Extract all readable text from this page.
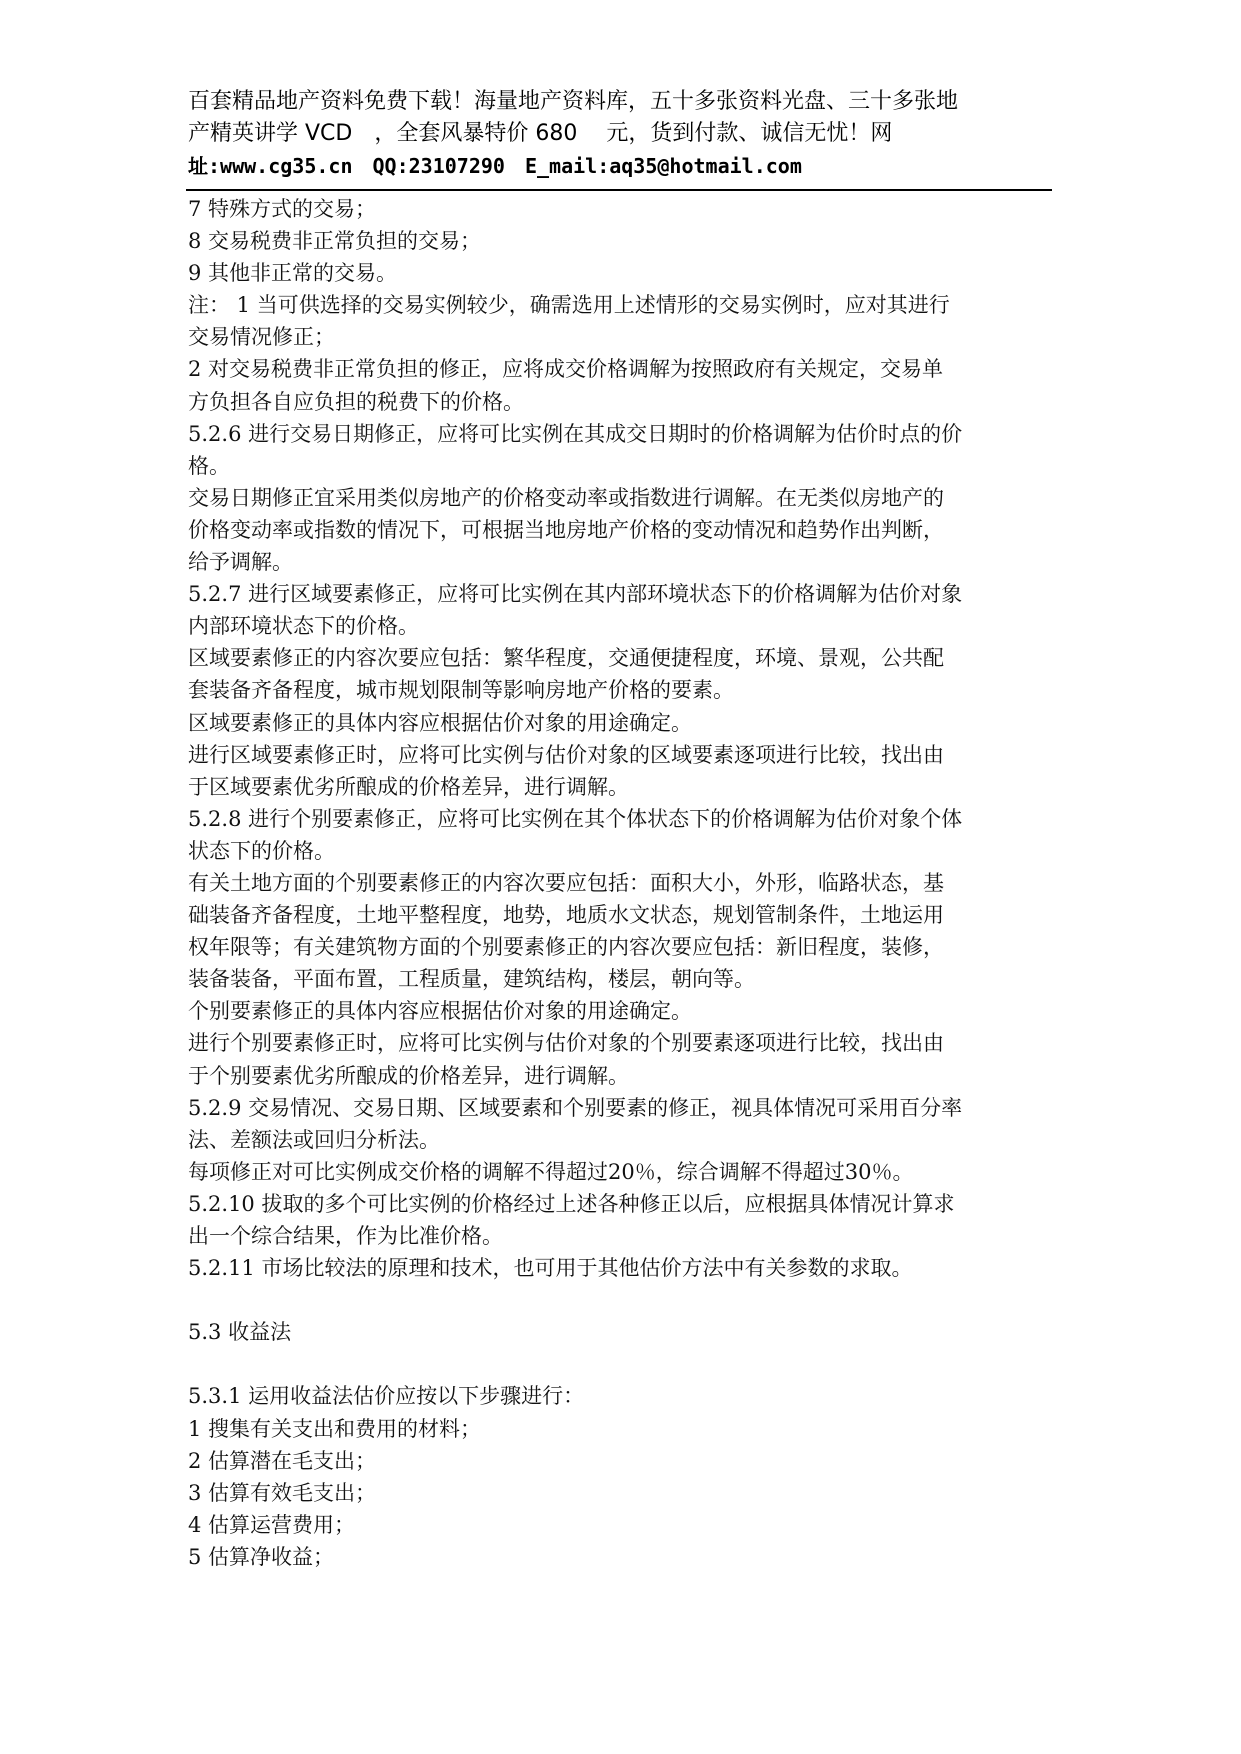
百套精品地产资料免费下载！海量地产资料库，五十多张资料光盘、三十多张地
产精英讲学 VCD　，全套风暴特价 680　 元，货到付款、诚信无忧！网
址:www.cg35.cn　QQ:23107290　E_mail:aq35@hotmail.com
7 特殊方式的交易；
8 交易税费非正常负担的交易；
9 其他非正常的交易。
注： 1 当可供选择的交易实例较少，确需选用上述情形的交易实例时，应对其进行
交易情况修正；
2 对交易税费非正常负担的修正，应将成交价格调解为按照政府有关规定，交易单
方负担各自应负担的税费下的价格。
5.2.6 进行交易日期修正，应将可比实例在其成交日期时的价格调解为估价时点的价
格。
交易日期修正宜采用类似房地产的价格变动率或指数进行调解。在无类似房地产的
价格变动率或指数的情况下，可根据当地房地产价格的变动情况和趋势作出判断，
给予调解。
5.2.7 进行区域要素修正，应将可比实例在其内部环境状态下的价格调解为估价对象
内部环境状态下的价格。
区域要素修正的内容次要应包括：繁华程度，交通便捷程度，环境、景观，公共配
套装备齐备程度，城市规划限制等影响房地产价格的要素。
区域要素修正的具体内容应根据估价对象的用途确定。
进行区域要素修正时，应将可比实例与估价对象的区域要素逐项进行比较，找出由
于区域要素优劣所酿成的价格差异，进行调解。
5.2.8 进行个别要素修正，应将可比实例在其个体状态下的价格调解为估价对象个体
状态下的价格。
有关土地方面的个别要素修正的内容次要应包括：面积大小，外形，临路状态，基
础装备齐备程度，土地平整程度，地势，地质水文状态，规划管制条件，土地运用
权年限等；有关建筑物方面的个别要素修正的内容次要应包括：新旧程度，装修，
装备装备，平面布置，工程质量，建筑结构，楼层，朝向等。
个别要素修正的具体内容应根据估价对象的用途确定。
进行个别要素修正时，应将可比实例与估价对象的个别要素逐项进行比较，找出由
于个别要素优劣所酿成的价格差异，进行调解。
5.2.9 交易情况、交易日期、区域要素和个别要素的修正，视具体情况可采用百分率
法、差额法或回归分析法。
每项修正对可比实例成交价格的调解不得超过20％，综合调解不得超过30％。
5.2.10 拔取的多个可比实例的价格经过上述各种修正以后，应根据具体情况计算求
出一个综合结果，作为比准价格。
5.2.11 市场比较法的原理和技术，也可用于其他估价方法中有关参数的求取。
5.3 收益法
5.3.1 运用收益法估价应按以下步骤进行：
1 搜集有关支出和费用的材料；
2 估算潜在毛支出；
3 估算有效毛支出；
4 估算运营费用；
5 估算净收益；
